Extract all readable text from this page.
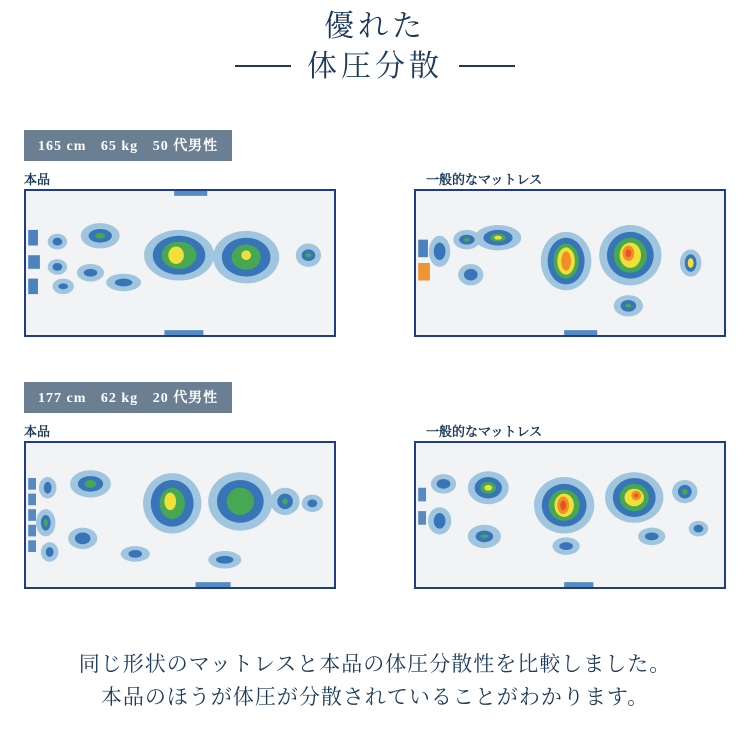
優れた
体圧分散
165 cm 65 kg 50 代男性
本品	一般的なマットレス
177 cm 62 kg 20 代男性
本品	一般的なマットレス
同じ形状のマットレスと本品の体圧分散性を比較しました。
本品のほうが体圧が分散されていることがわかります。
